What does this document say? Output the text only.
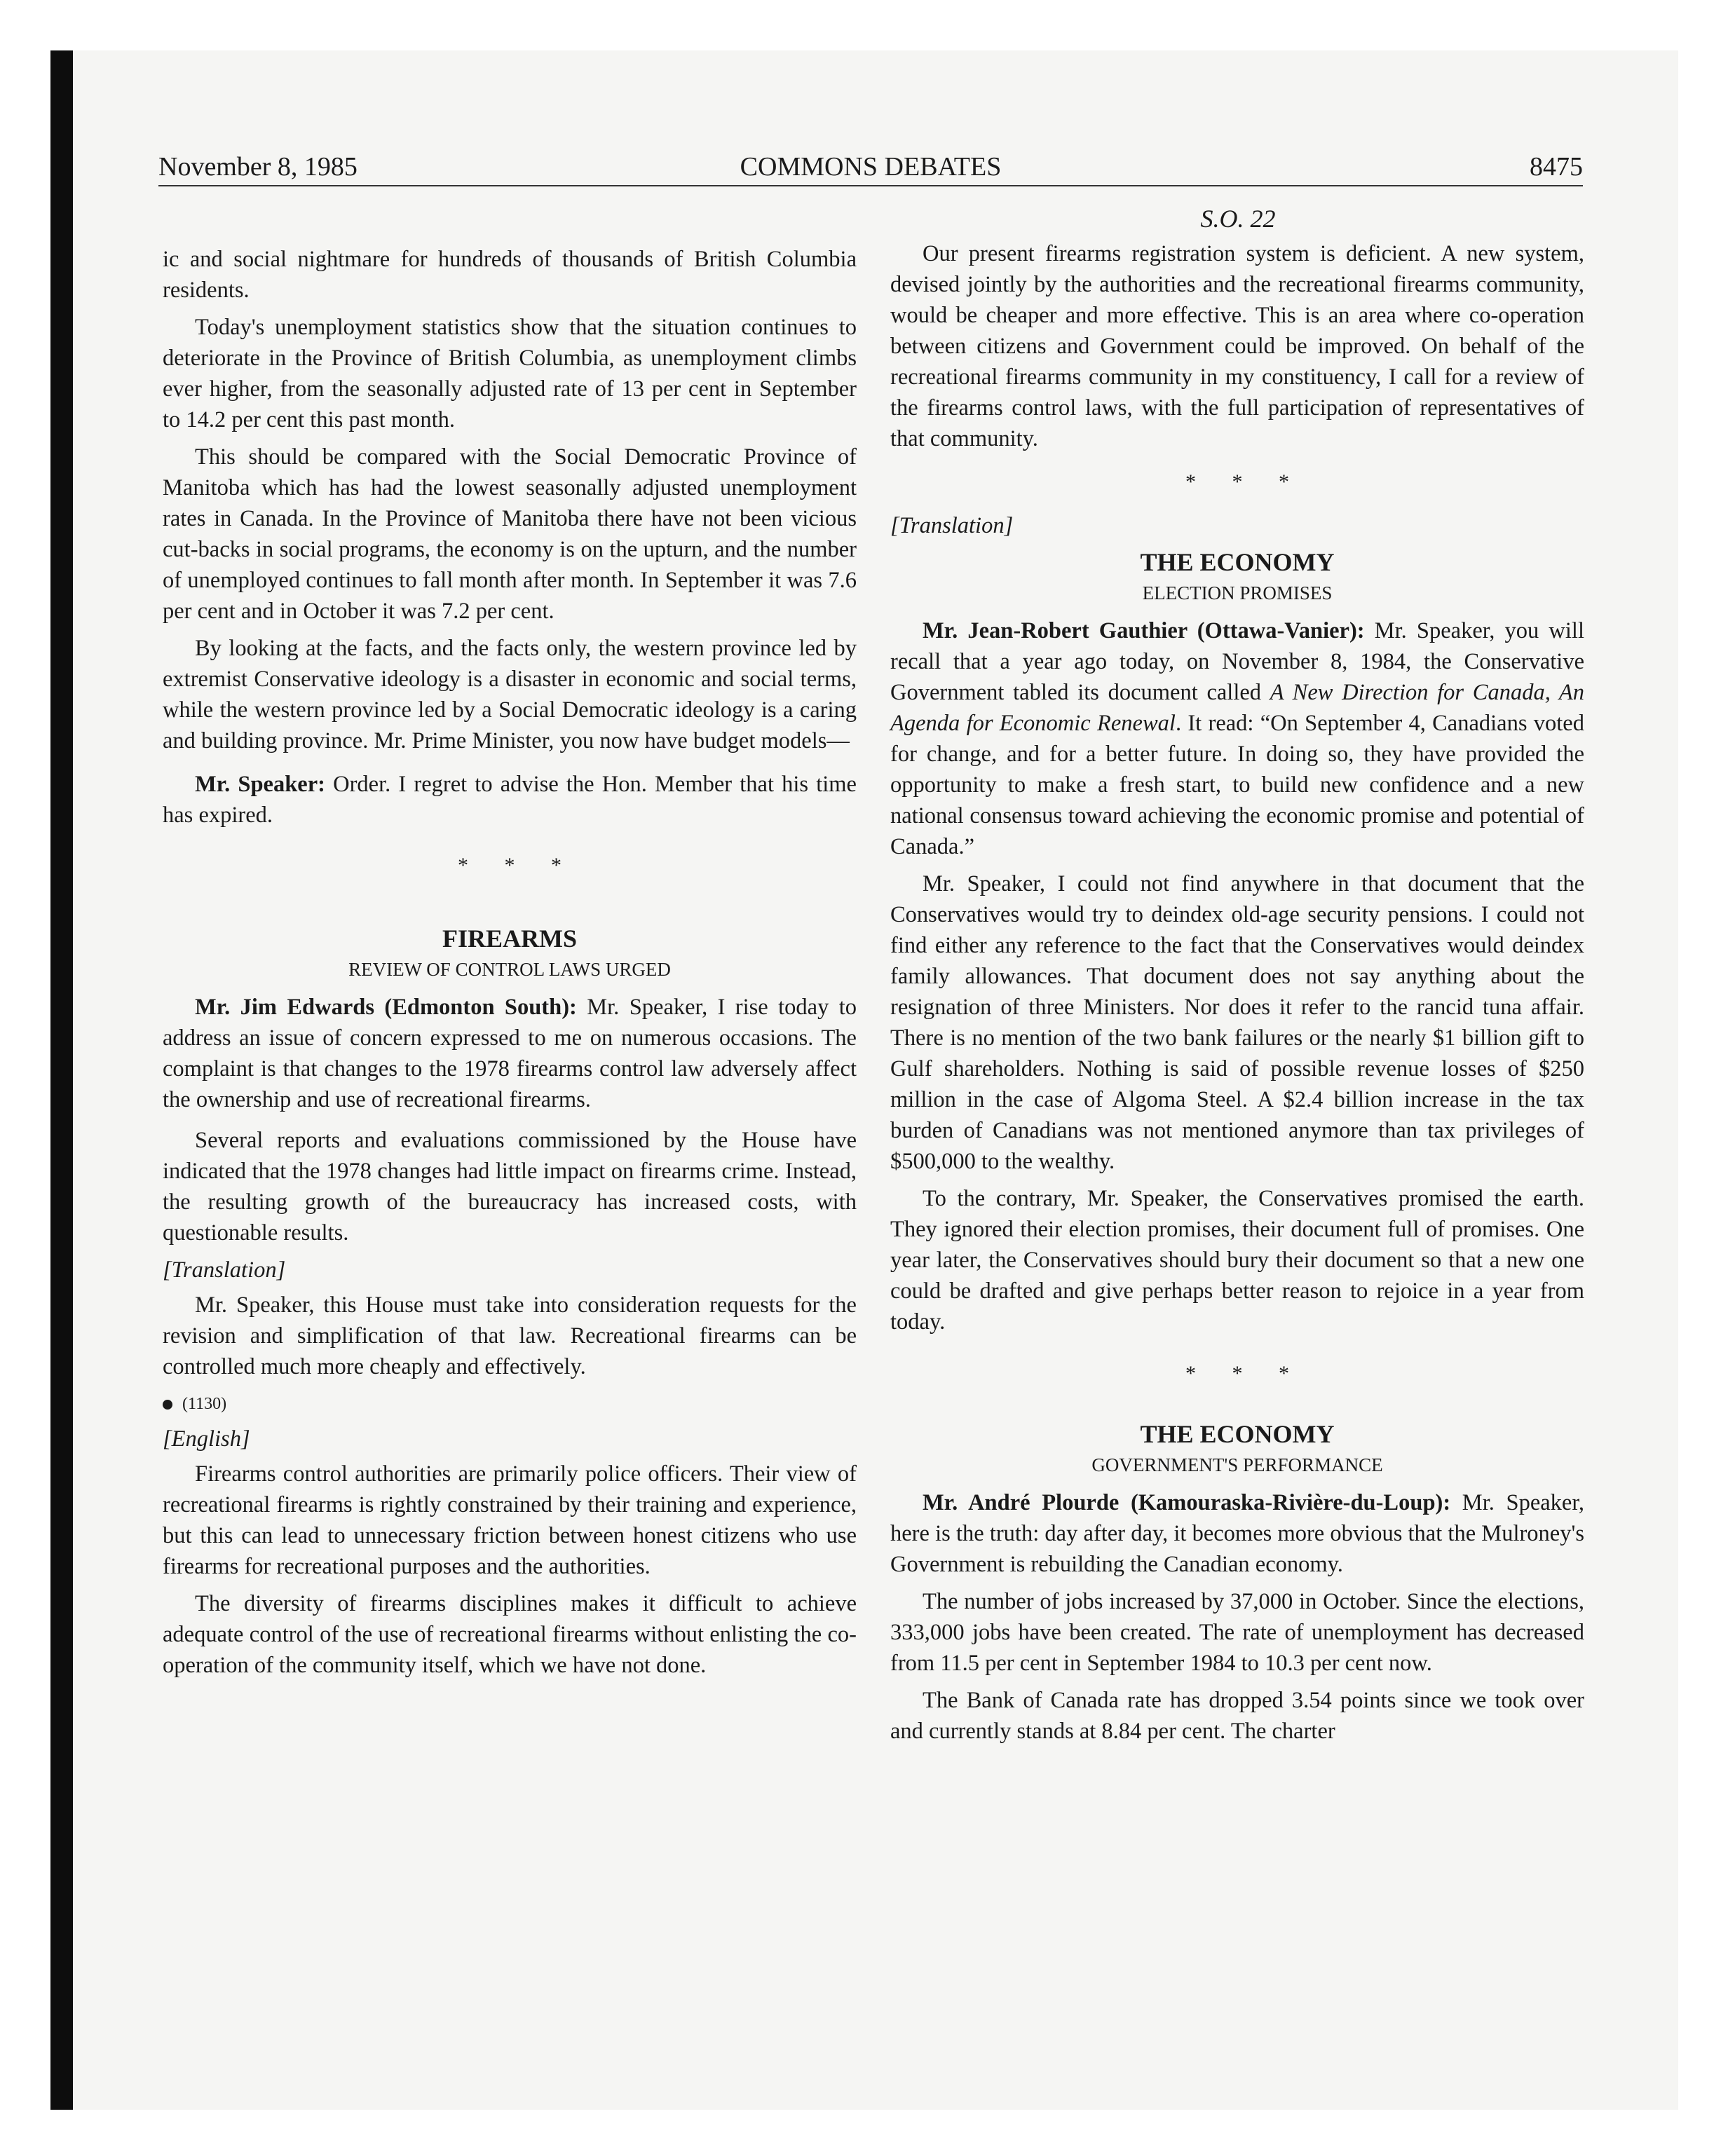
November 8, 1985	COMMONS DEBATES	8475
S.O. 22

ic and social nightmare for hundreds of thousands of British Columbia residents.

Today's unemployment statistics show that the situation continues to deteriorate in the Province of British Columbia, as unemployment climbs ever higher, from the seasonally adjusted rate of 13 per cent in September to 14.2 per cent this past month.

This should be compared with the Social Democratic Province of Manitoba which has had the lowest seasonally adjusted unemployment rates in Canada. In the Province of Manitoba there have not been vicious cut-backs in social programs, the economy is on the upturn, and the number of unemployed continues to fall month after month. In September it was 7.6 per cent and in October it was 7.2 per cent.

By looking at the facts, and the facts only, the western province led by extremist Conservative ideology is a disaster in economic and social terms, while the western province led by a Social Democratic ideology is a caring and building province. Mr. Prime Minister, you now have budget models—

Mr. Speaker: Order. I regret to advise the Hon. Member that his time has expired.

* * *
FIREARMS
REVIEW OF CONTROL LAWS URGED

Mr. Jim Edwards (Edmonton South): Mr. Speaker, I rise today to address an issue of concern expressed to me on numerous occasions. The complaint is that changes to the 1978 firearms control law adversely affect the ownership and use of recreational firearms.

Several reports and evaluations commissioned by the House have indicated that the 1978 changes had little impact on firearms crime. Instead, the resulting growth of the bureaucracy has increased costs, with questionable results.

[Translation]

Mr. Speaker, this House must take into consideration requests for the revision and simplification of that law. Recreational firearms can be controlled much more cheaply and effectively.

(1130)

[English]

Firearms control authorities are primarily police officers. Their view of recreational firearms is rightly constrained by their training and experience, but this can lead to unnecessary friction between honest citizens who use firearms for recreational purposes and the authorities.

The diversity of firearms disciplines makes it difficult to achieve adequate control of the use of recreational firearms without enlisting the co-operation of the community itself, which we have not done.

Our present firearms registration system is deficient. A new system, devised jointly by the authorities and the recreational firearms community, would be cheaper and more effective. This is an area where co-operation between citizens and Government could be improved. On behalf of the recreational firearms community in my constituency, I call for a review of the firearms control laws, with the full participation of representatives of that community.

* * *

[Translation]

THE ECONOMY
ELECTION PROMISES

Mr. Jean-Robert Gauthier (Ottawa-Vanier): Mr. Speaker, you will recall that a year ago today, on November 8, 1984, the Conservative Government tabled its document called A New Direction for Canada, An Agenda for Economic Renewal. It read: “On September 4, Canadians voted for change, and for a better future. In doing so, they have provided the opportunity to make a fresh start, to build new confidence and a new national consensus toward achieving the economic promise and potential of Canada.”

Mr. Speaker, I could not find anywhere in that document that the Conservatives would try to deindex old-age security pensions. I could not find either any reference to the fact that the Conservatives would deindex family allowances. That document does not say anything about the resignation of three Ministers. Nor does it refer to the rancid tuna affair. There is no mention of the two bank failures or the nearly $1 billion gift to Gulf shareholders. Nothing is said of possible revenue losses of $250 million in the case of Algoma Steel. A $2.4 billion increase in the tax burden of Canadians was not mentioned anymore than tax privileges of $500,000 to the wealthy.

To the contrary, Mr. Speaker, the Conservatives promised the earth. They ignored their election promises, their document full of promises. One year later, the Conservatives should bury their document so that a new one could be drafted and give perhaps better reason to rejoice in a year from today.

* * *
THE ECONOMY
GOVERNMENT'S PERFORMANCE

Mr. André Plourde (Kamouraska-Rivière-du-Loup): Mr. Speaker, here is the truth: day after day, it becomes more obvious that the Mulroney's Government is rebuilding the Canadian economy.

The number of jobs increased by 37,000 in October. Since the elections, 333,000 jobs have been created. The rate of unemployment has decreased from 11.5 per cent in September 1984 to 10.3 per cent now.

The Bank of Canada rate has dropped 3.54 points since we took over and currently stands at 8.84 per cent. The charter
